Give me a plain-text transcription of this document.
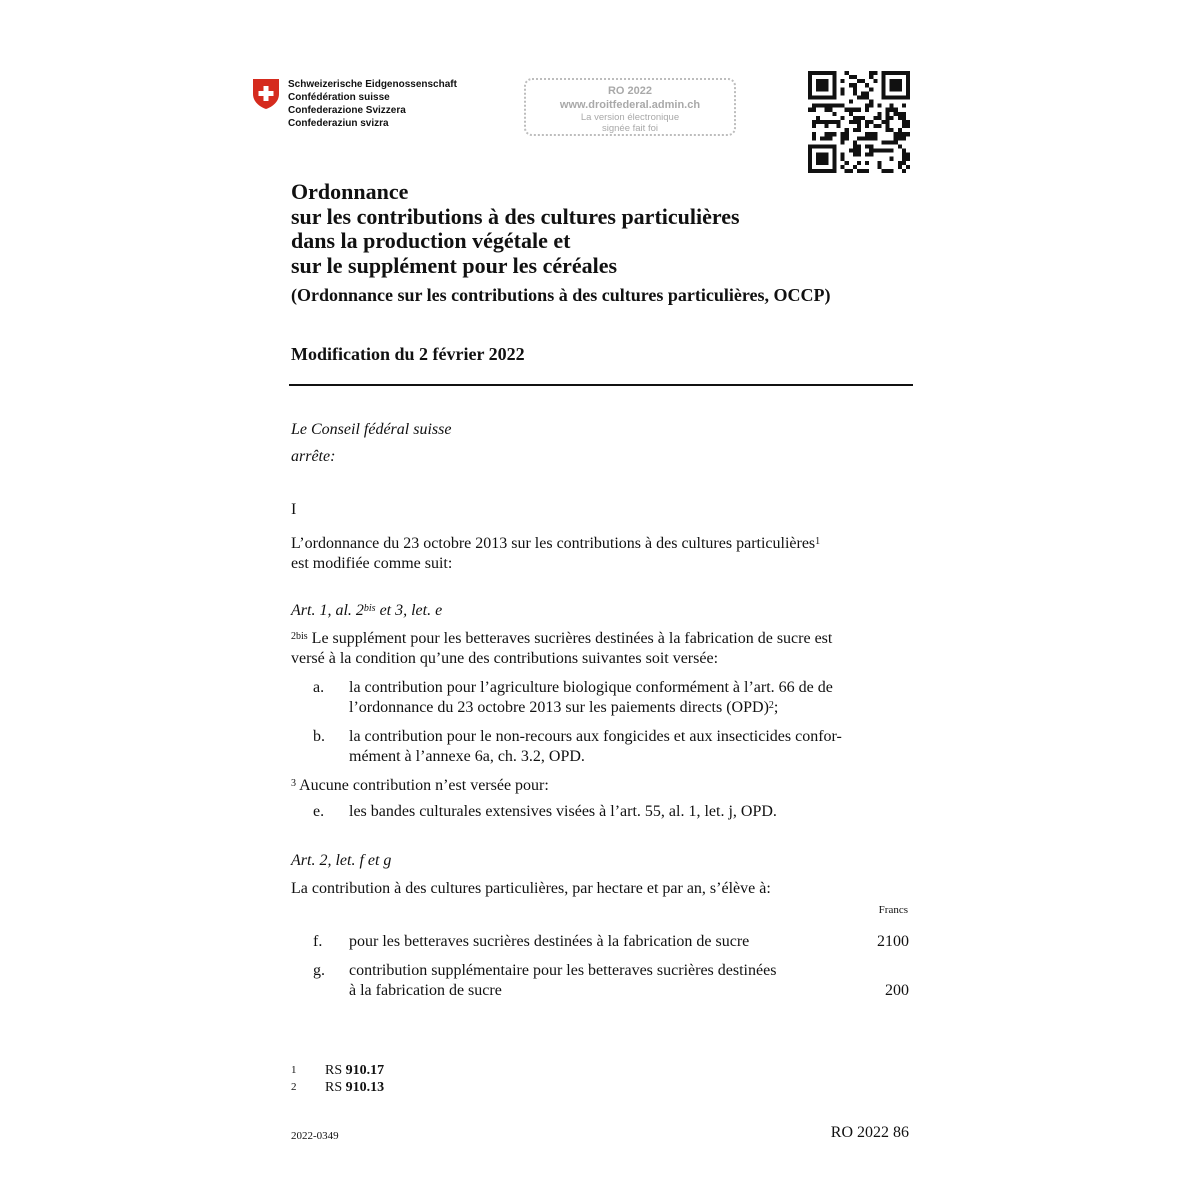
Schweizerische Eidgenossenschaft
Confédération suisse
Confederazione Svizzera
Confederaziun svizra
RO 2022
www.droitfederal.admin.ch
La version électronique
signée fait foi
Ordonnance
sur les contributions à des cultures particulières
dans la production végétale et
sur le supplément pour les céréales
(Ordonnance sur les contributions à des cultures particulières, OCCP)
Modification du 2 février 2022
Le Conseil fédéral suisse
arrête:
I
L’ordonnance du 23 octobre 2013 sur les contributions à des cultures particulières$^1$
est modifiée comme suit:
Art. 1, al. $2^{bis}$ et 3, let. e
$^{2bis}$ Le supplément pour les betteraves sucrières destinées à la fabrication de sucre est
versé à la condition qu’une des contributions suivantes soit versée:
a.	la contribution pour l’agriculture biologique conformément à l’art. 66 de de
l’ordonnance du 23 octobre 2013 sur les paiements directs (OPD)$^2$;
b.	la contribution pour le non-recours aux fongicides et aux insecticides confor-
mément à l’annexe 6a, ch. 3.2, OPD.
$^3$ Aucune contribution n’est versée pour:
e.	les bandes culturales extensives visées à l’art. 55, al. 1, let. j, OPD.
Art. 2, let. f et g
La contribution à des cultures particulières, par hectare et par an, s’élève à:
Francs
f.	pour les betteraves sucrières destinées à la fabrication de sucre	2100
g.	contribution supplémentaire pour les betteraves sucrières destinées
à la fabrication de sucre	200
1 RS 910.17
2 RS 910.13
2022-0349	RO 2022 86
